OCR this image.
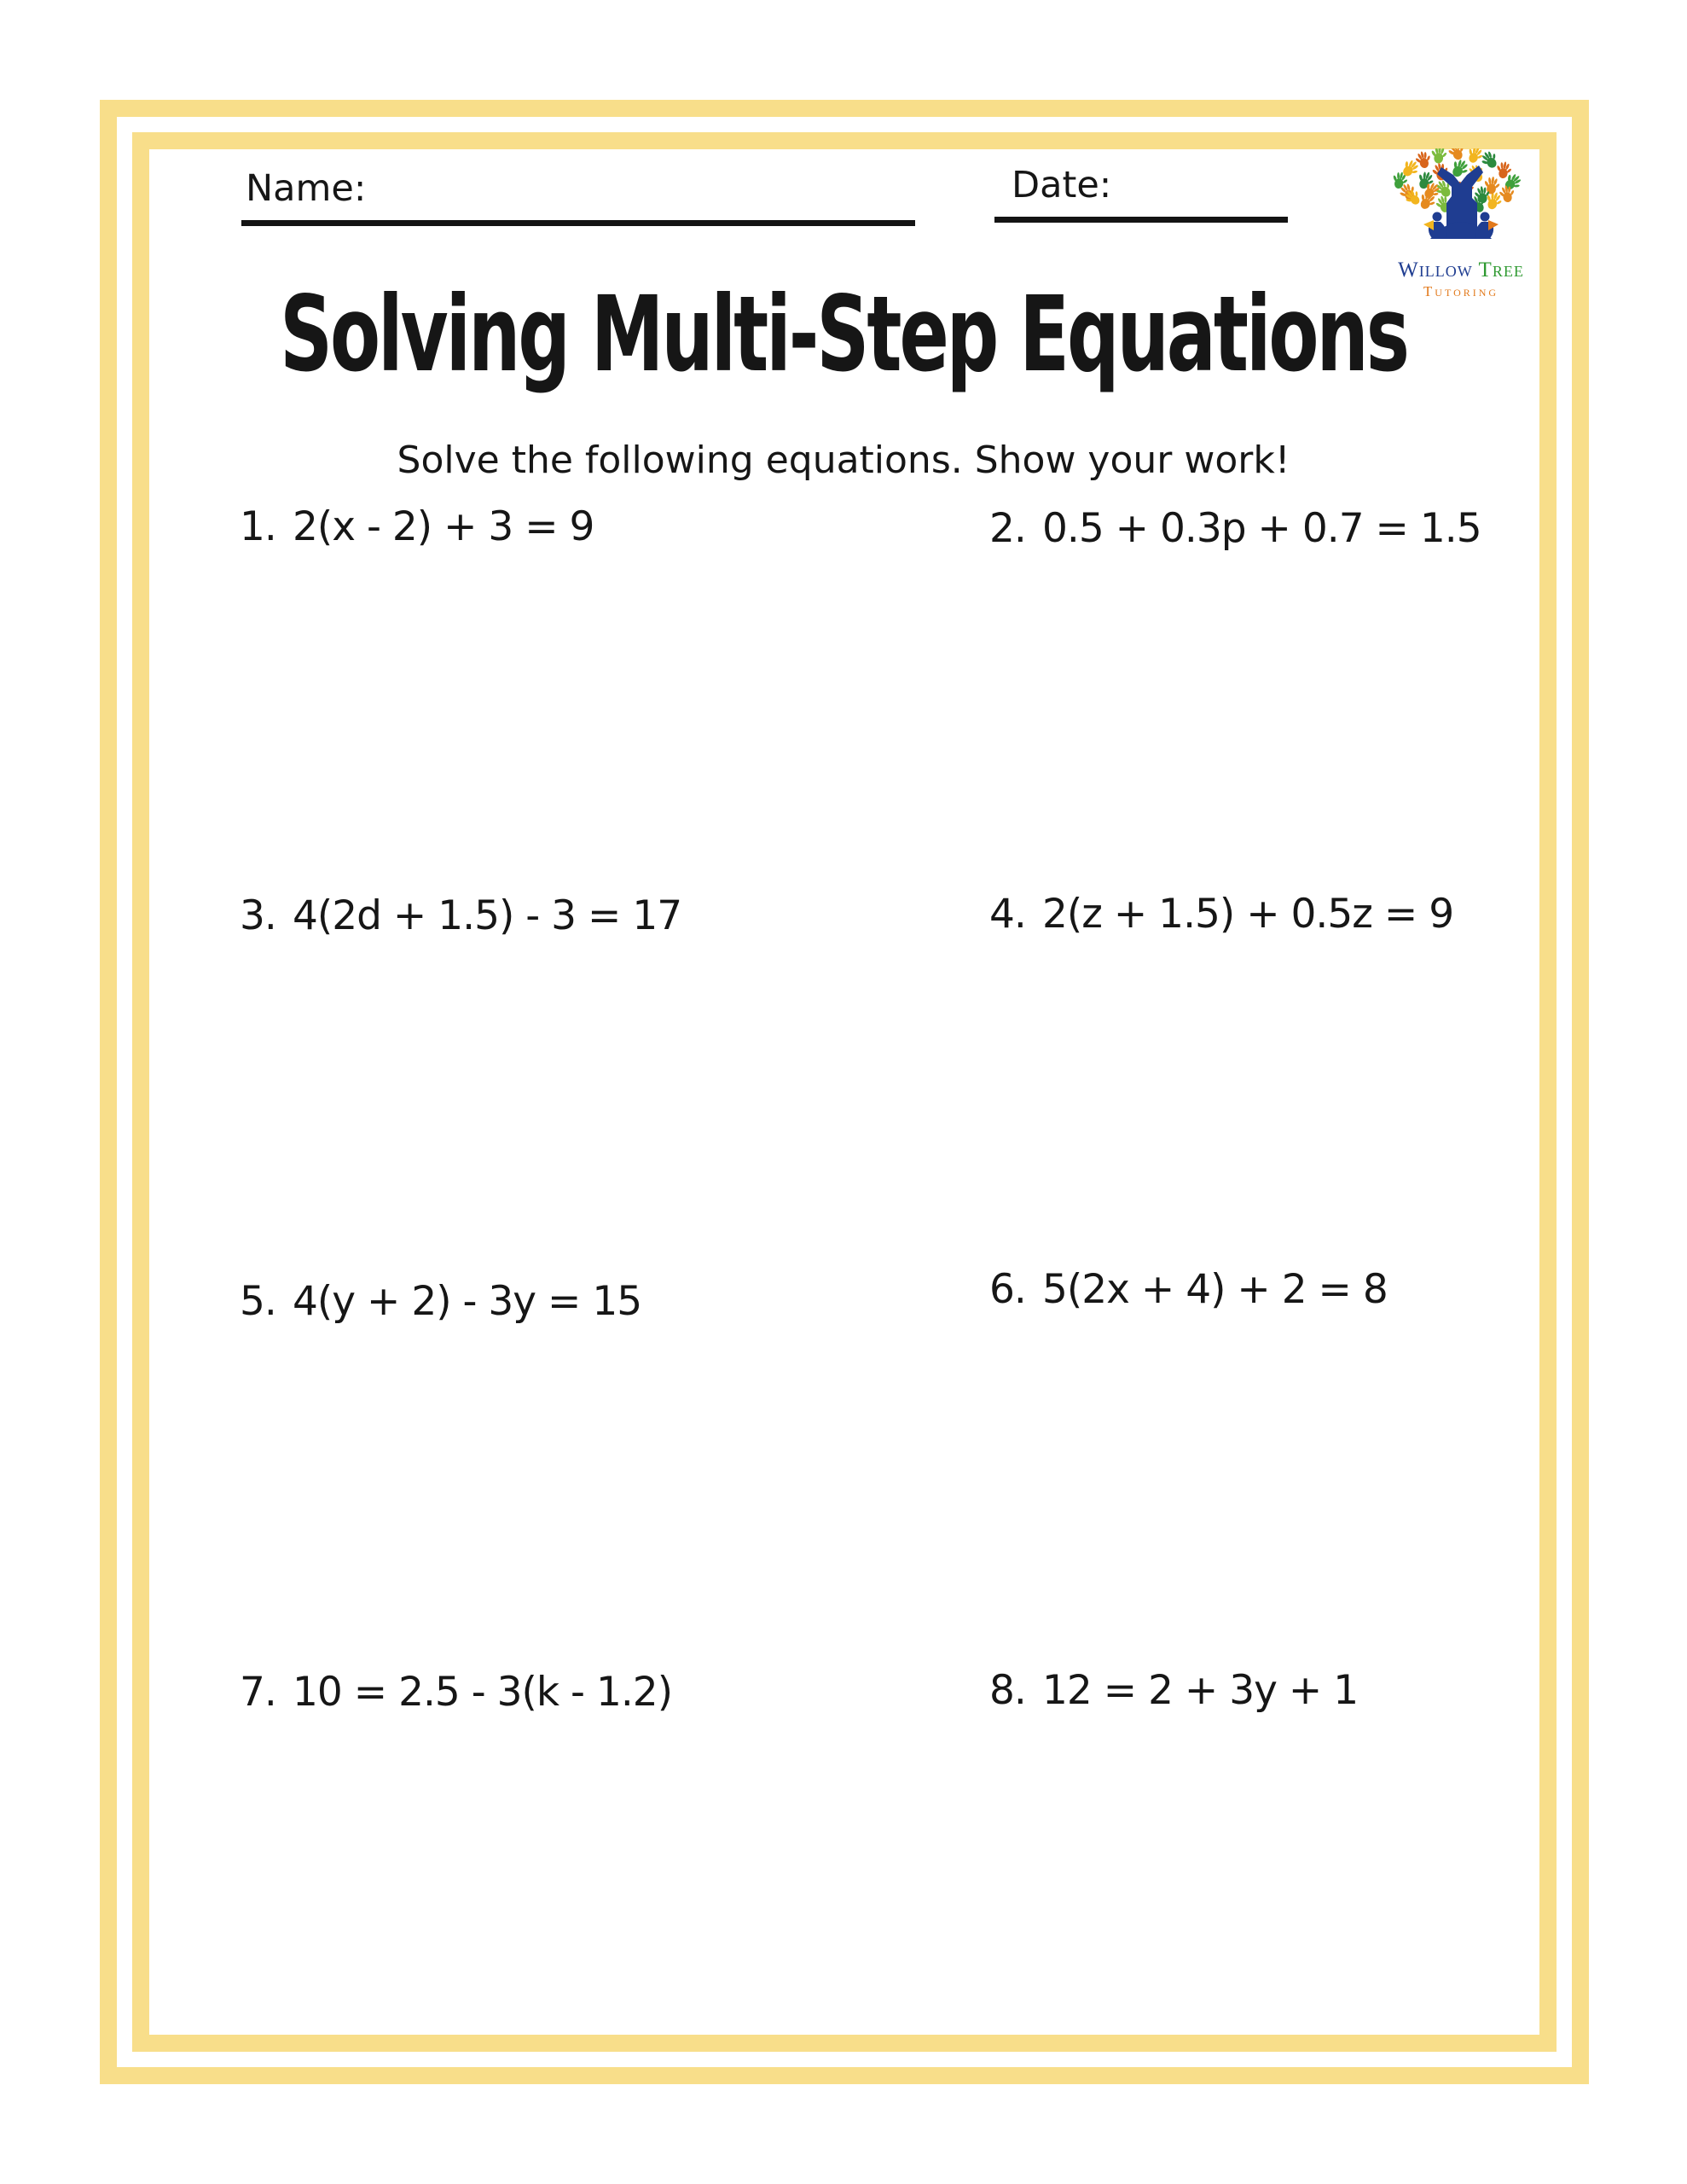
Name:	Date:
Willow Tree
Tutoring
Solving Multi-Step Equations
Solve the following equations. Show your work!
1. 2(x - 2) + 3 = 9	2. 0.5 + 0.3p + 0.7 = 1.5
3. 4(2d + 1.5) - 3 = 17	4. 2(z + 1.5) + 0.5z = 9
5. 4(y + 2) - 3y = 15	6. 5(2x + 4) + 2 = 8
7. 10 = 2.5 - 3(k - 1.2)	8. 12 = 2 + 3y + 1
